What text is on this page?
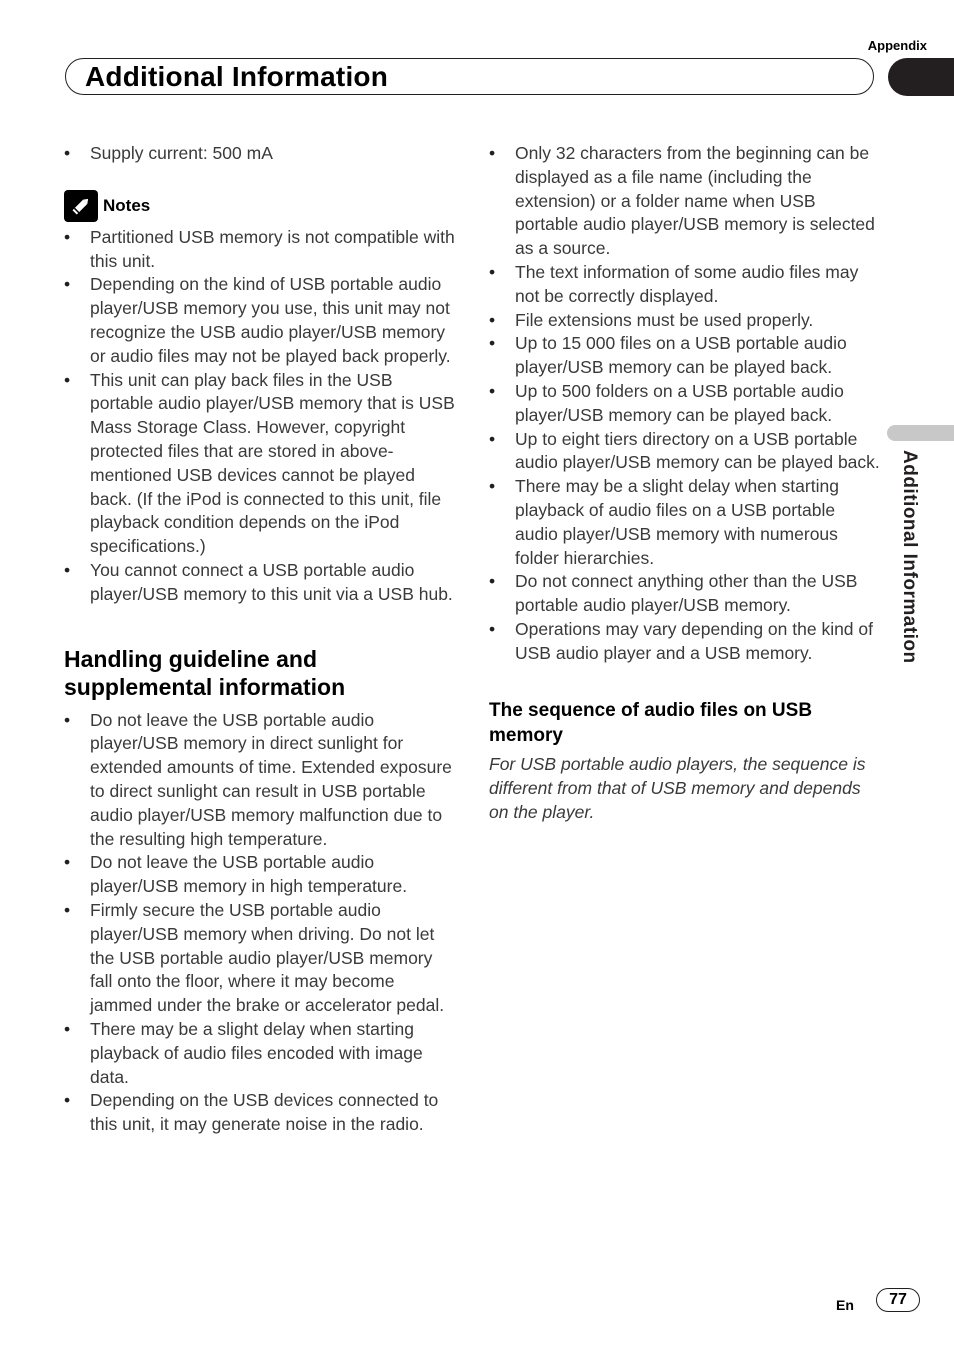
Appendix
Additional Information
Additional Information
• Supply current: 500 mA
Notes
• Partitioned USB memory is not compatible with this unit.
• Depending on the kind of USB portable audio player/USB memory you use, this unit may not recognize the USB audio player/USB memory or audio files may not be played back properly.
• This unit can play back files in the USB portable audio player/USB memory that is USB Mass Storage Class. However, copyright protected files that are stored in above-mentioned USB devices cannot be played back. (If the iPod is connected to this unit, file playback condition depends on the iPod specifications.)
• You cannot connect a USB portable audio player/USB memory to this unit via a USB hub.
Handling guideline and supplemental information
• Do not leave the USB portable audio player/USB memory in direct sunlight for extended amounts of time. Extended exposure to direct sunlight can result in USB portable audio player/USB memory malfunction due to the resulting high temperature.
• Do not leave the USB portable audio player/USB memory in high temperature.
• Firmly secure the USB portable audio player/USB memory when driving. Do not let the USB portable audio player/USB memory fall onto the floor, where it may become jammed under the brake or accelerator pedal.
• There may be a slight delay when starting playback of audio files encoded with image data.
• Depending on the USB devices connected to this unit, it may generate noise in the radio.
• Only 32 characters from the beginning can be displayed as a file name (including the extension) or a folder name when USB portable audio player/USB memory is selected as a source.
• The text information of some audio files may not be correctly displayed.
• File extensions must be used properly.
• Up to 15 000 files on a USB portable audio player/USB memory can be played back.
• Up to 500 folders on a USB portable audio player/USB memory can be played back.
• Up to eight tiers directory on a USB portable audio player/USB memory can be played back.
• There may be a slight delay when starting playback of audio files on a USB portable audio player/USB memory with numerous folder hierarchies.
• Do not connect anything other than the USB portable audio player/USB memory.
• Operations may vary depending on the kind of USB audio player and a USB memory.
The sequence of audio files on USB memory
For USB portable audio players, the sequence is different from that of USB memory and depends on the player.
En	77
